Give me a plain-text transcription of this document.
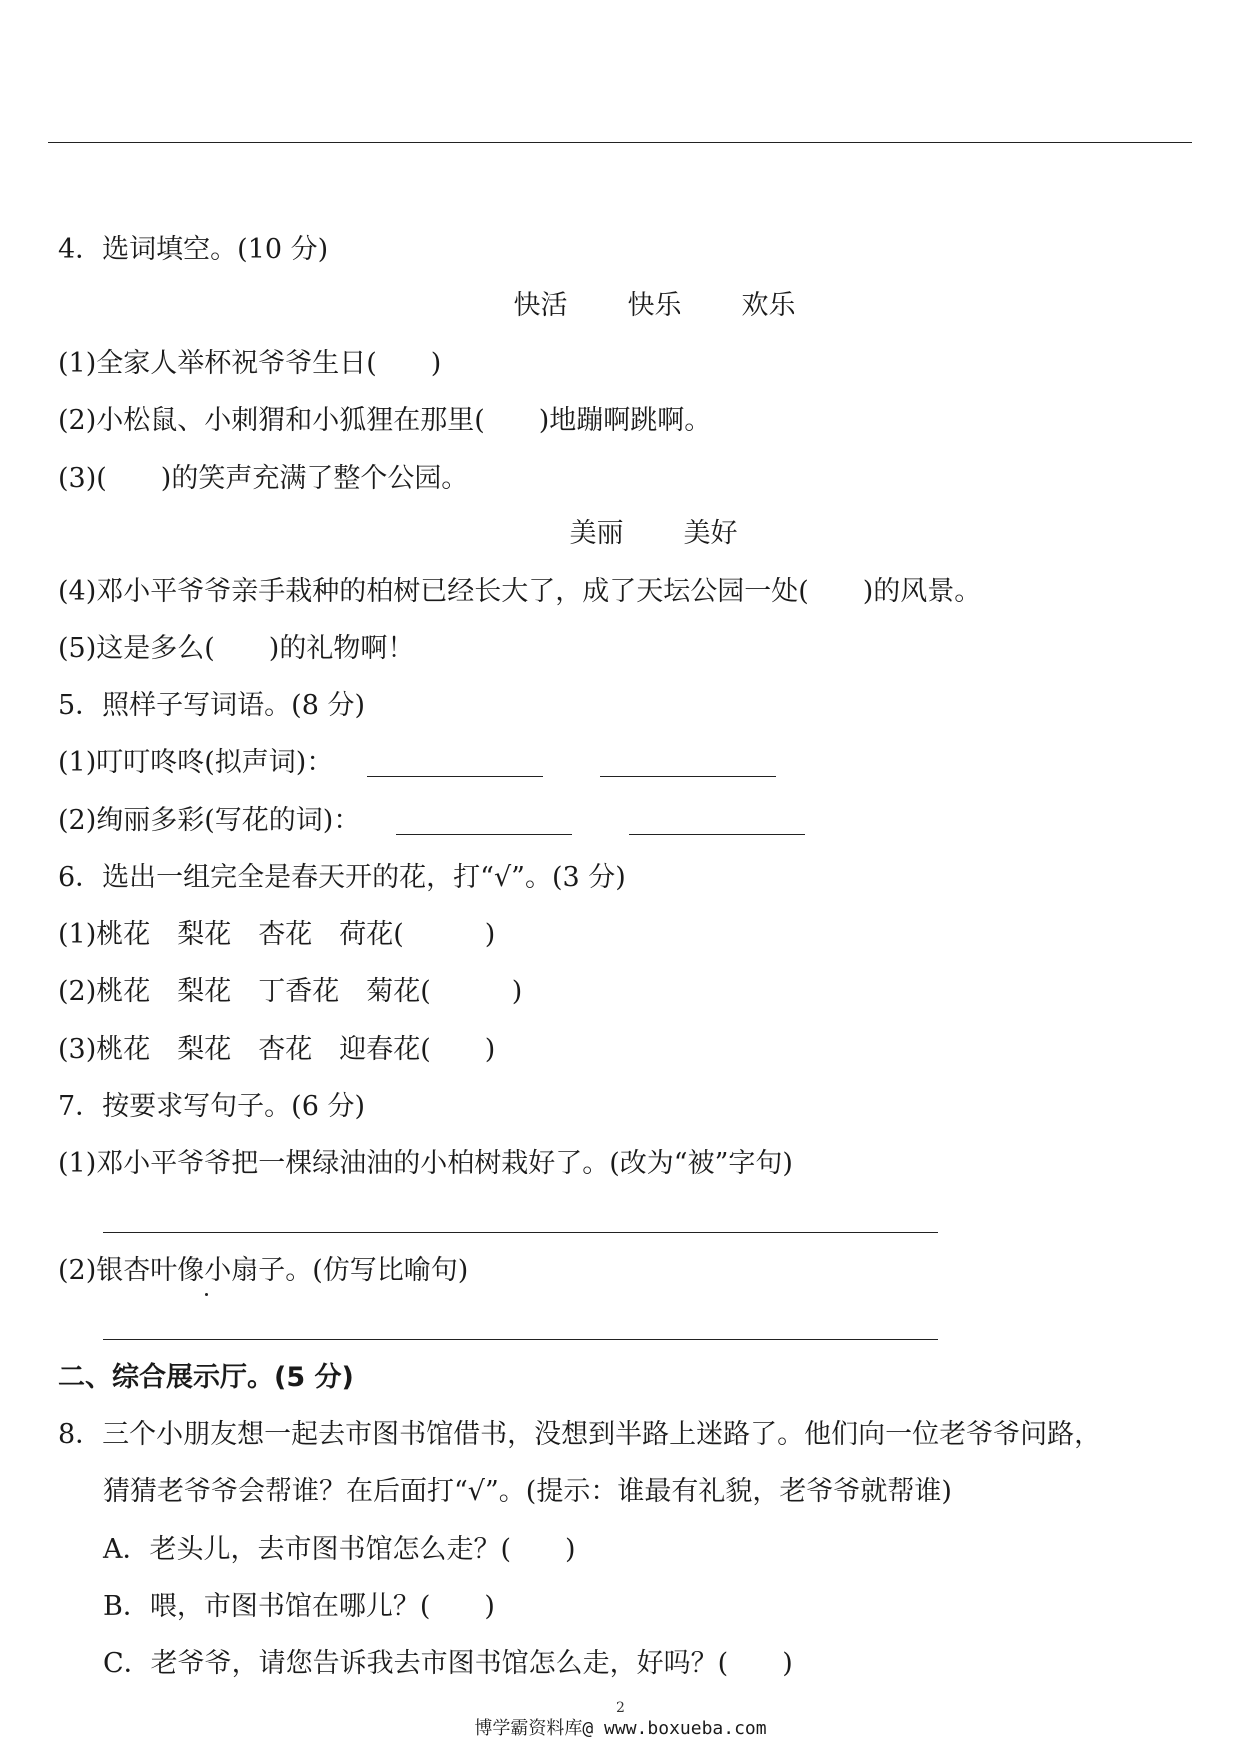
4．选词填空。(10 分)
快活 快乐 欢乐
(1)全家人举杯祝爷爷生日(　　)
(2)小松鼠、小刺猬和小狐狸在那里(　　)地蹦啊跳啊。
(3)(　　)的笑声充满了整个公园。
美丽 美好
(4)邓小平爷爷亲手栽种的柏树已经长大了，成了天坛公园一处(　　)的风景。
(5)这是多么(　　)的礼物啊！
5．照样子写词语。(8 分)
(1)叮叮咚咚(拟声词)：
(2)绚丽多彩(写花的词)：
6．选出一组完全是春天开的花，打“√”。(3 分)
(1)桃花　梨花　杏花　荷花(　　　)
(2)桃花　梨花　丁香花　菊花(　　　)
(3)桃花　梨花　杏花　迎春花(　　)
7．按要求写句子。(6 分)
(1)邓小平爷爷把一棵绿油油的小柏树栽好了。(改为“被”字句)
(2)银杏叶像小扇子。(仿写比喻句)
二、综合展示厅。(5 分)
8．三个小朋友想一起去市图书馆借书，没想到半路上迷路了。他们向一位老爷爷问路，
猜猜老爷爷会帮谁？在后面打“√”。(提示：谁最有礼貌，老爷爷就帮谁)
A．老头儿，去市图书馆怎么走？(　　)
B．喂，市图书馆在哪儿？(　　)
C．老爷爷，请您告诉我去市图书馆怎么走，好吗？(　　)
2
博学霸资料库@ www.boxueba.com
